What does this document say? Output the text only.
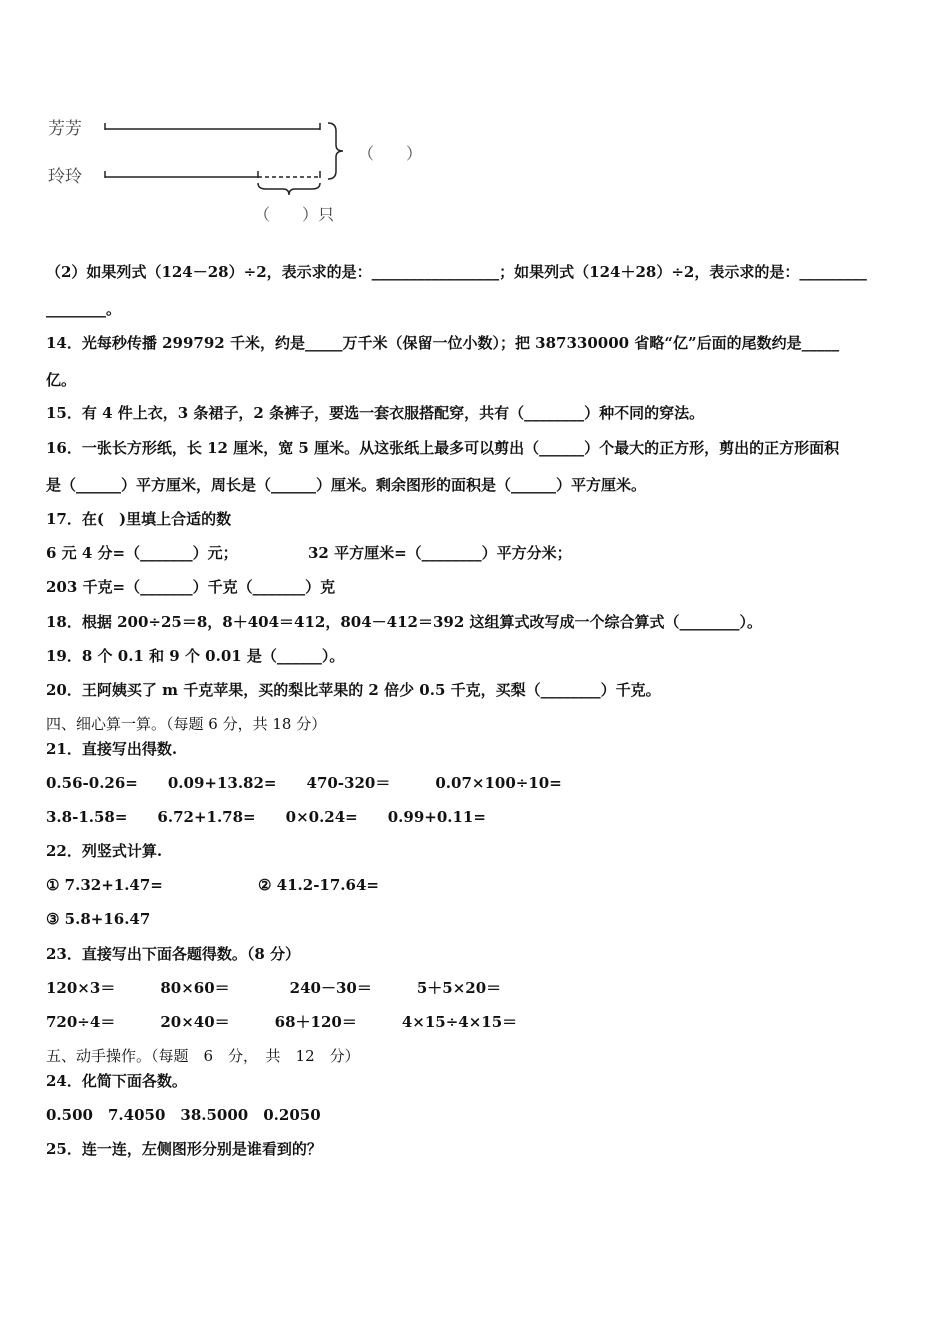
芳芳
玲玲
（　　）
（　　）只
（2）如果列式（124－28）÷2，表示求的是：_________________；如果列式（124＋28）÷2，表示求的是：_________
________。
14．光每秒传播 299792 千米，约是_____万千米（保留一位小数）；把 387330000 省略“亿”后面的尾数约是_____
亿。
15．有 4 件上衣，3 条裙子，2 条裤子，要选一套衣服搭配穿，共有（________）种不同的穿法。
16．一张长方形纸，长 12 厘米，宽 5 厘米。从这张纸上最多可以剪出（______）个最大的正方形，剪出的正方形面积
是（______）平方厘米，周长是（______）厘米。剩余图形的面积是（______）平方厘米。
17．在(　)里填上合适的数
6 元 4 分=（_______）元；	32 平方厘米=（________）平方分米；
203 千克=（_______）千克（_______）克
18．根据 200÷25＝8，8＋404＝412，804－412＝392 这组算式改写成一个综合算式（________）。
19．8 个 0.1 和 9 个 0.01 是（______）。
20．王阿姨买了 m 千克苹果，买的梨比苹果的 2 倍少 0.5 千克，买梨（________）千克。
四、细心算一算。（每题 6 分，共 18 分）
21．直接写出得数.
0.56-0.26=　　0.09+13.82=　　470-320＝　　　0.07×100÷10=
3.8-1.58=　　6.72+1.78=　　0×0.24=　　0.99+0.11=
22．列竖式计算.
① 7.32+1.47=	② 41.2-17.64=
③ 5.8+16.47
23．直接写出下面各题得数。（8 分）
120×3＝　　　80×60＝　　　　240－30＝　　　5＋5×20＝
720÷4＝　　　20×40＝　　　68＋120＝　　　4×15÷4×15＝
五、动手操作。（每题　6　分，　共　12　分）
24．化简下面各数。
0.500　7.4050　38.5000　0.2050
25．连一连，左侧图形分别是谁看到的？
